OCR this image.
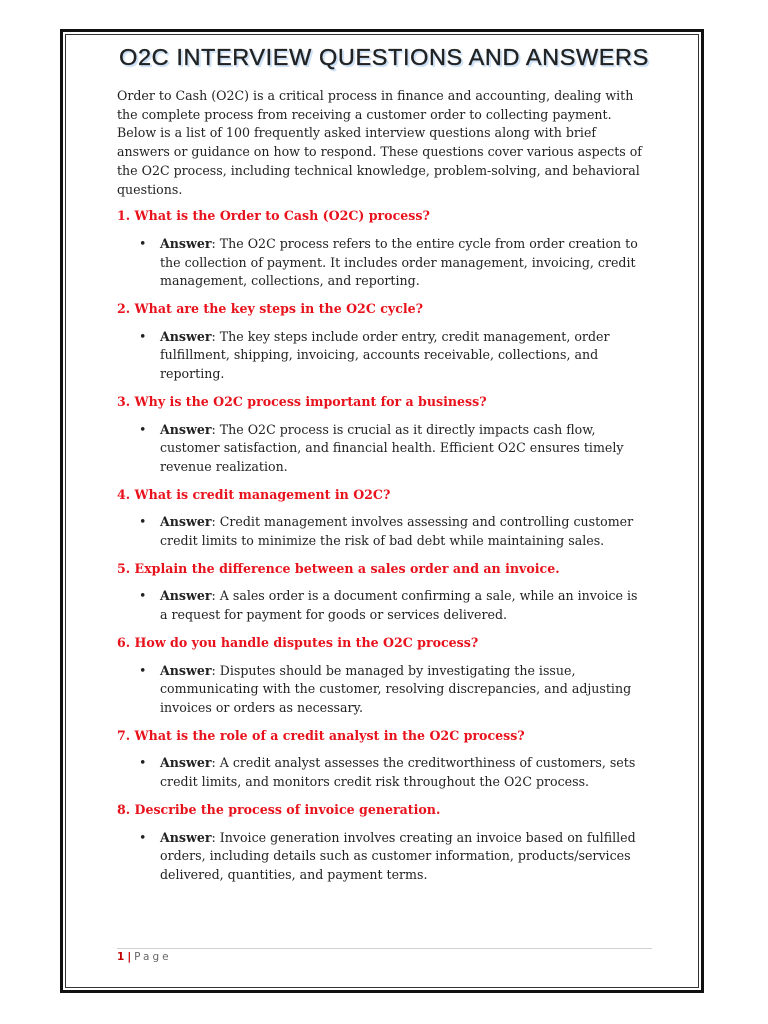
O2C INTERVIEW QUESTIONS AND ANSWERS

Order to Cash (O2C) is a critical process in finance and accounting, dealing with the complete process from receiving a customer order to collecting payment. Below is a list of 100 frequently asked interview questions along with brief answers or guidance on how to respond. These questions cover various aspects of the O2C process, including technical knowledge, problem-solving, and behavioral questions.

1. What is the Order to Cash (O2C) process?

• Answer: The O2C process refers to the entire cycle from order creation to the collection of payment. It includes order management, invoicing, credit management, collections, and reporting.

2. What are the key steps in the O2C cycle?

• Answer: The key steps include order entry, credit management, order fulfillment, shipping, invoicing, accounts receivable, collections, and reporting.

3. Why is the O2C process important for a business?

• Answer: The O2C process is crucial as it directly impacts cash flow, customer satisfaction, and financial health. Efficient O2C ensures timely revenue realization.

4. What is credit management in O2C?

• Answer: Credit management involves assessing and controlling customer credit limits to minimize the risk of bad debt while maintaining sales.

5. Explain the difference between a sales order and an invoice.

• Answer: A sales order is a document confirming a sale, while an invoice is a request for payment for goods or services delivered.

6. How do you handle disputes in the O2C process?

• Answer: Disputes should be managed by investigating the issue, communicating with the customer, resolving discrepancies, and adjusting invoices or orders as necessary.

7. What is the role of a credit analyst in the O2C process?

• Answer: A credit analyst assesses the creditworthiness of customers, sets credit limits, and monitors credit risk throughout the O2C process.

8. Describe the process of invoice generation.

• Answer: Invoice generation involves creating an invoice based on fulfilled orders, including details such as customer information, products/services delivered, quantities, and payment terms.

1 | Page
